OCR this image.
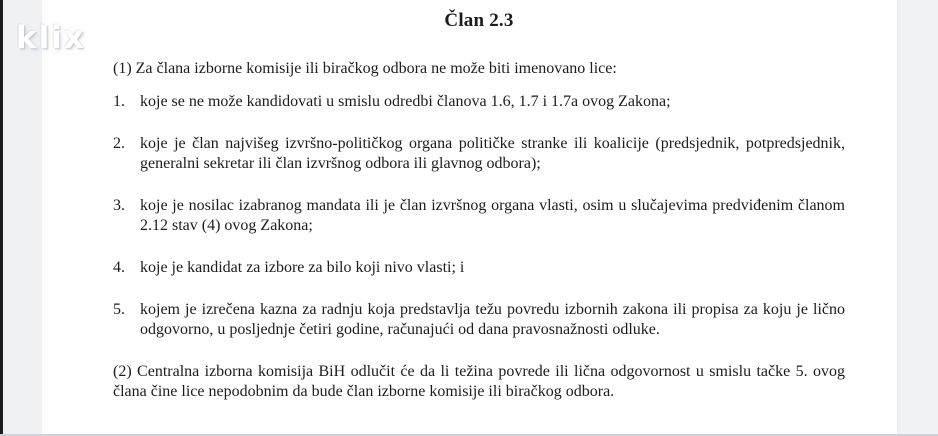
klix	Član 2.3

(1) Za člana izborne komisije ili biračkog odbora ne može biti imenovano lice:

1. koje se ne može kandidovati u smislu odredbi članova 1.6, 1.7 i 1.7a ovog Zakona;
2. koje je član najvišeg izvršno-političkog organa političke stranke ili koalicije (predsjednik, potpredsjednik, generalni sekretar ili član izvršnog odbora ili glavnog odbora);
3. koje je nosilac izabranog mandata ili je član izvršnog organa vlasti, osim u slučajevima predviđenim članom 2.12 stav (4) ovog Zakona;
4. koje je kandidat za izbore za bilo koji nivo vlasti; i
5. kojem je izrečena kazna za radnju koja predstavlja težu povredu izbornih zakona ili propisa za koju je lično odgovorno, u posljednje četiri godine, računajući od dana pravosnažnosti odluke.

(2) Centralna izborna komisija BiH odlučit će da li težina povrede ili lična odgovornost u smislu tačke 5. ovog člana čine lice nepodobnim da bude član izborne komisije ili biračkog odbora.
